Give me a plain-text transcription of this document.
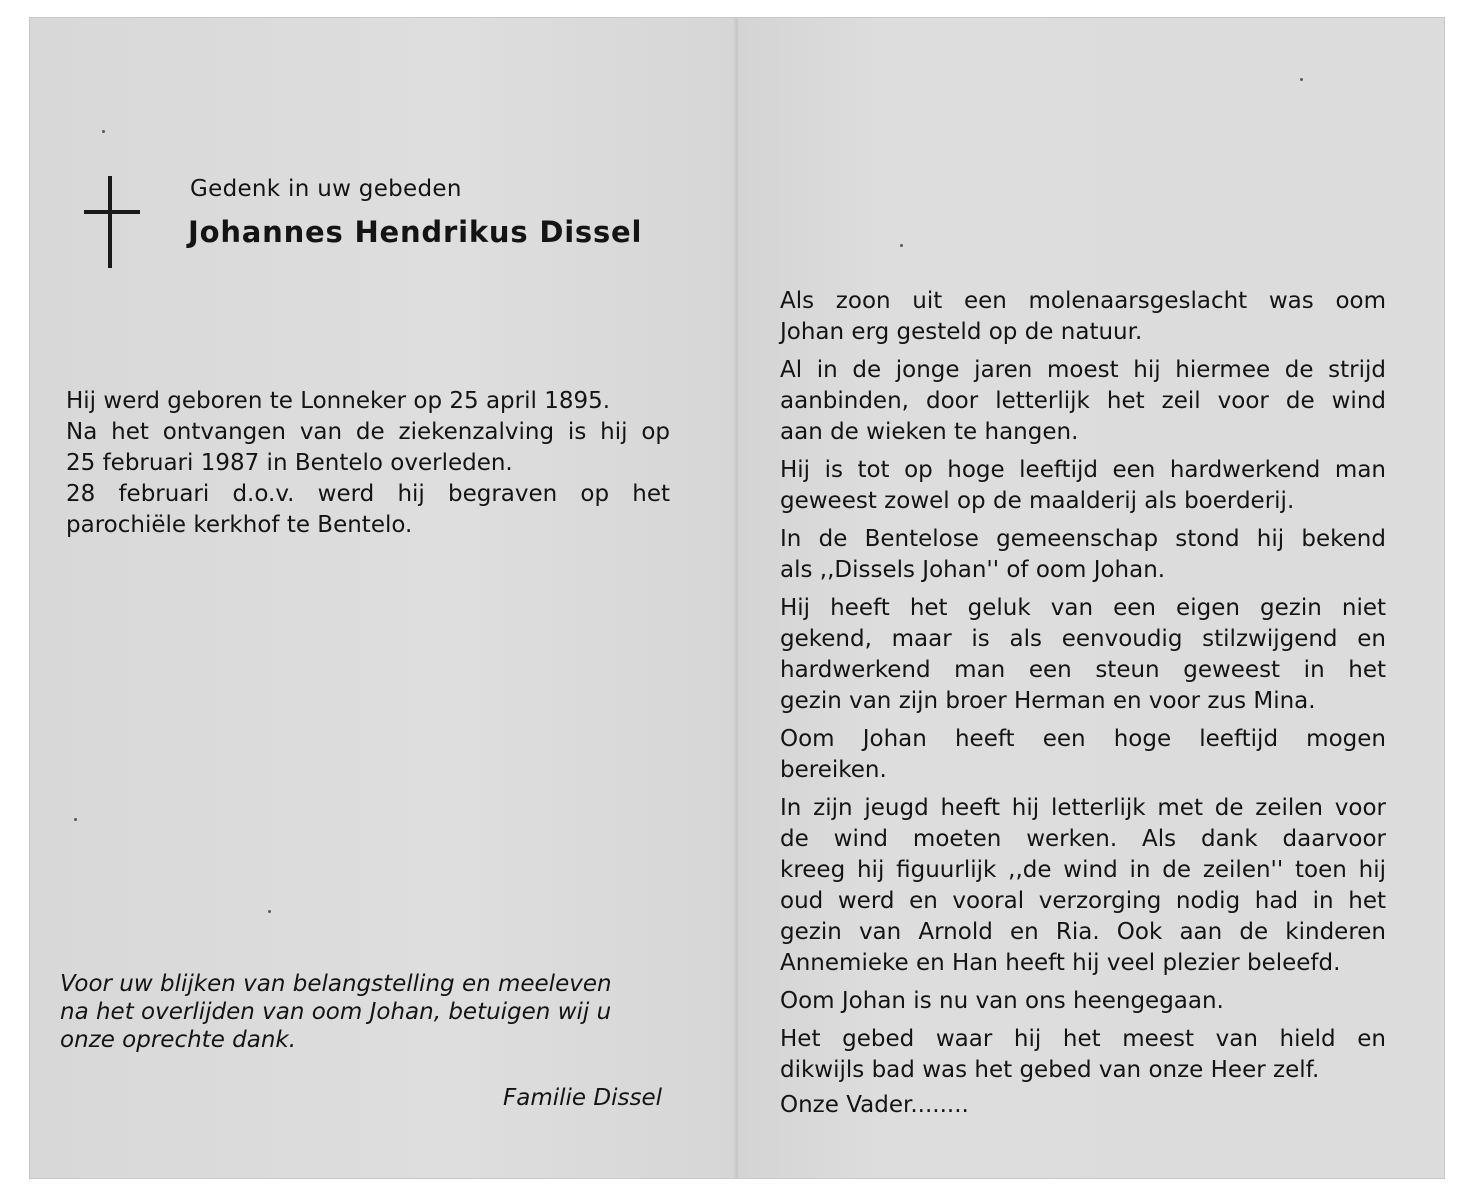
Gedenk in uw gebeden
Johannes Hendrikus Dissel

Hij werd geboren te Lonneker op 25 april 1895.

Na het ontvangen van de ziekenzalving is hij op

25 februari 1987 in Bentelo overleden.

28 februari d.o.v. werd hij begraven op het

parochiële kerkhof te Bentelo.

Voor uw blijken van belangstelling en meeleven

na het overlijden van oom Johan, betuigen wij u

onze oprechte dank.

Familie Dissel
Als zoon uit een molenaarsgeslacht was oom
Johan erg gesteld op de natuur.
Al in de jonge jaren moest hij hiermee de strijd
aanbinden, door letterlijk het zeil voor de wind
aan de wieken te hangen.
Hij is tot op hoge leeftijd een hardwerkend man
geweest zowel op de maalderij als boerderij.
In de Bentelose gemeenschap stond hij bekend
als ,,Dissels Johan'' of oom Johan.
Hij heeft het geluk van een eigen gezin niet
gekend, maar is als eenvoudig stilzwijgend en
hardwerkend man een steun geweest in het
gezin van zijn broer Herman en voor zus Mina.
Oom Johan heeft een hoge leeftijd mogen
bereiken.
In zijn jeugd heeft hij letterlijk met de zeilen voor
de wind moeten werken. Als dank daarvoor
kreeg hij figuurlijk ,,de wind in de zeilen'' toen hij
oud werd en vooral verzorging nodig had in het
gezin van Arnold en Ria. Ook aan de kinderen
Annemieke en Han heeft hij veel plezier beleefd.
Oom Johan is nu van ons heengegaan.
Het gebed waar hij het meest van hield en
dikwijls bad was het gebed van onze Heer zelf.
Onze Vader........
